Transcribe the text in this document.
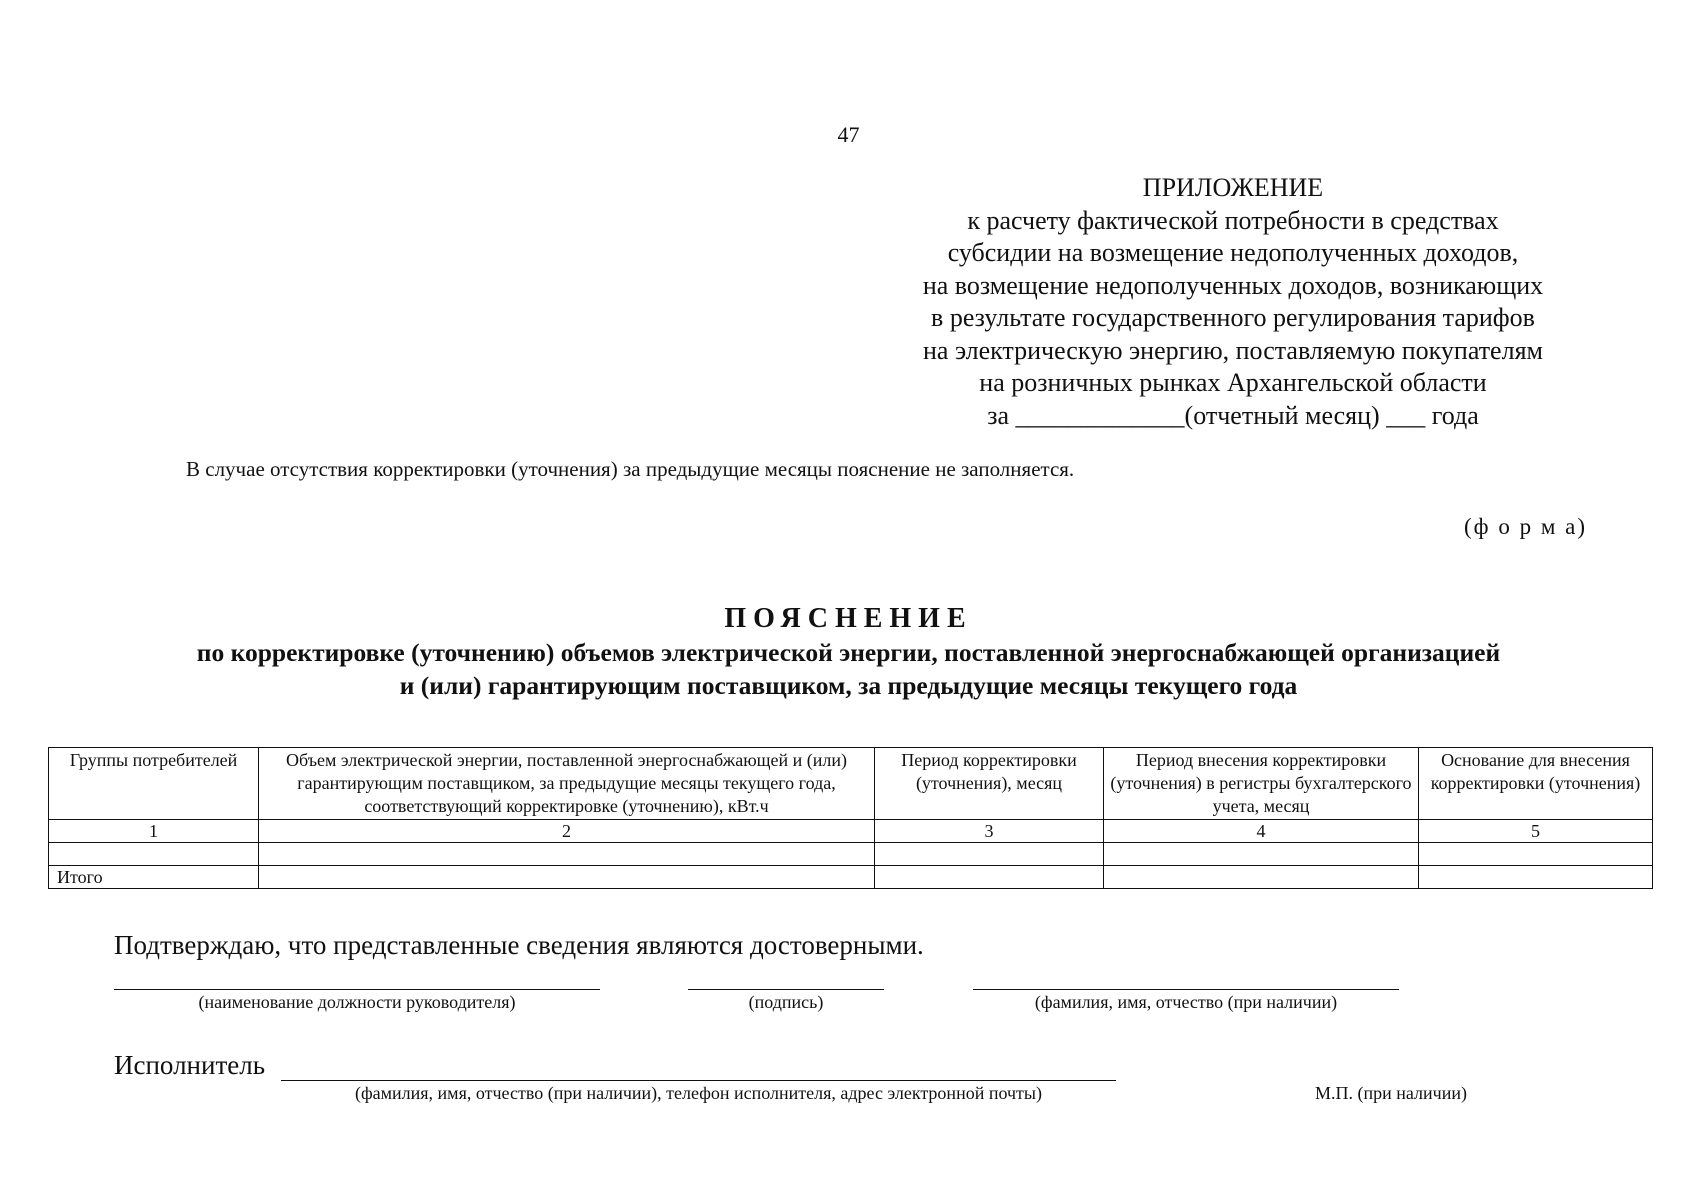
47
ПРИЛОЖЕНИЕ
к расчету фактической потребности в средствах
субсидии на возмещение недополученных доходов,
на возмещение недополученных доходов, возникающих
в результате государственного регулирования тарифов
на электрическую энергию, поставляемую покупателям
на розничных рынках Архангельской области
за _____________(отчетный месяц) ___ года
В случае отсутствия корректировки (уточнения) за предыдущие месяцы пояснение не заполняется.
(ф о р м а)
ПОЯСНЕНИЕ
по корректировке (уточнению) объемов электрической энергии, поставленной энергоснабжающей организацией
и (или) гарантирующим поставщиком, за предыдущие месяцы текущего года
Группы потребителей	Объем электрической энергии, поставленной энергоснабжающей и (или) гарантирующим поставщиком, за предыдущие месяцы текущего года, соответствующий корректировке (уточнению), кВт.ч	Период корректировки (уточнения), месяц	Период внесения корректировки (уточнения) в регистры бухгалтерского учета, месяц	Основание для внесения корректировки (уточнения)
1	2	3	4	5

Итого				
Подтверждаю, что представленные сведения являются достоверными.
(наименование должности руководителя)	(подпись)	(фамилия, имя, отчество (при наличии)
Исполнитель
(фамилия, имя, отчество (при наличии), телефон исполнителя, адрес электронной почты)	М.П. (при наличии)
